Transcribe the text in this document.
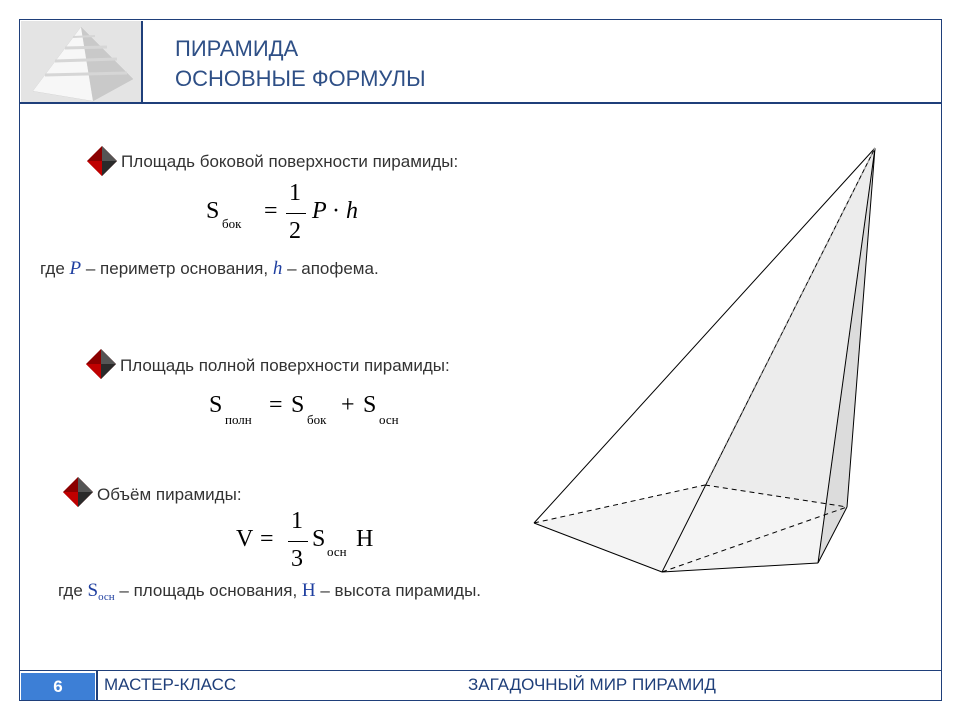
ПИРАМИДА
ОСНОВНЫЕ ФОРМУЛЫ
Площадь боковой поверхности пирамиды:
S бок =
1
2
P · h
где P – периметр основания, h – апофема.
Площадь полной поверхности пирамиды:
S
полн
= S
бок
+ S
осн
Объём пирамиды:
V =
1
3
S осн H
где $S_{осн}$ – площадь основания, H – высота пирамиды.
6	МАСТЕР-КЛАСС	ЗАГАДОЧНЫЙ МИР ПИРАМИД
